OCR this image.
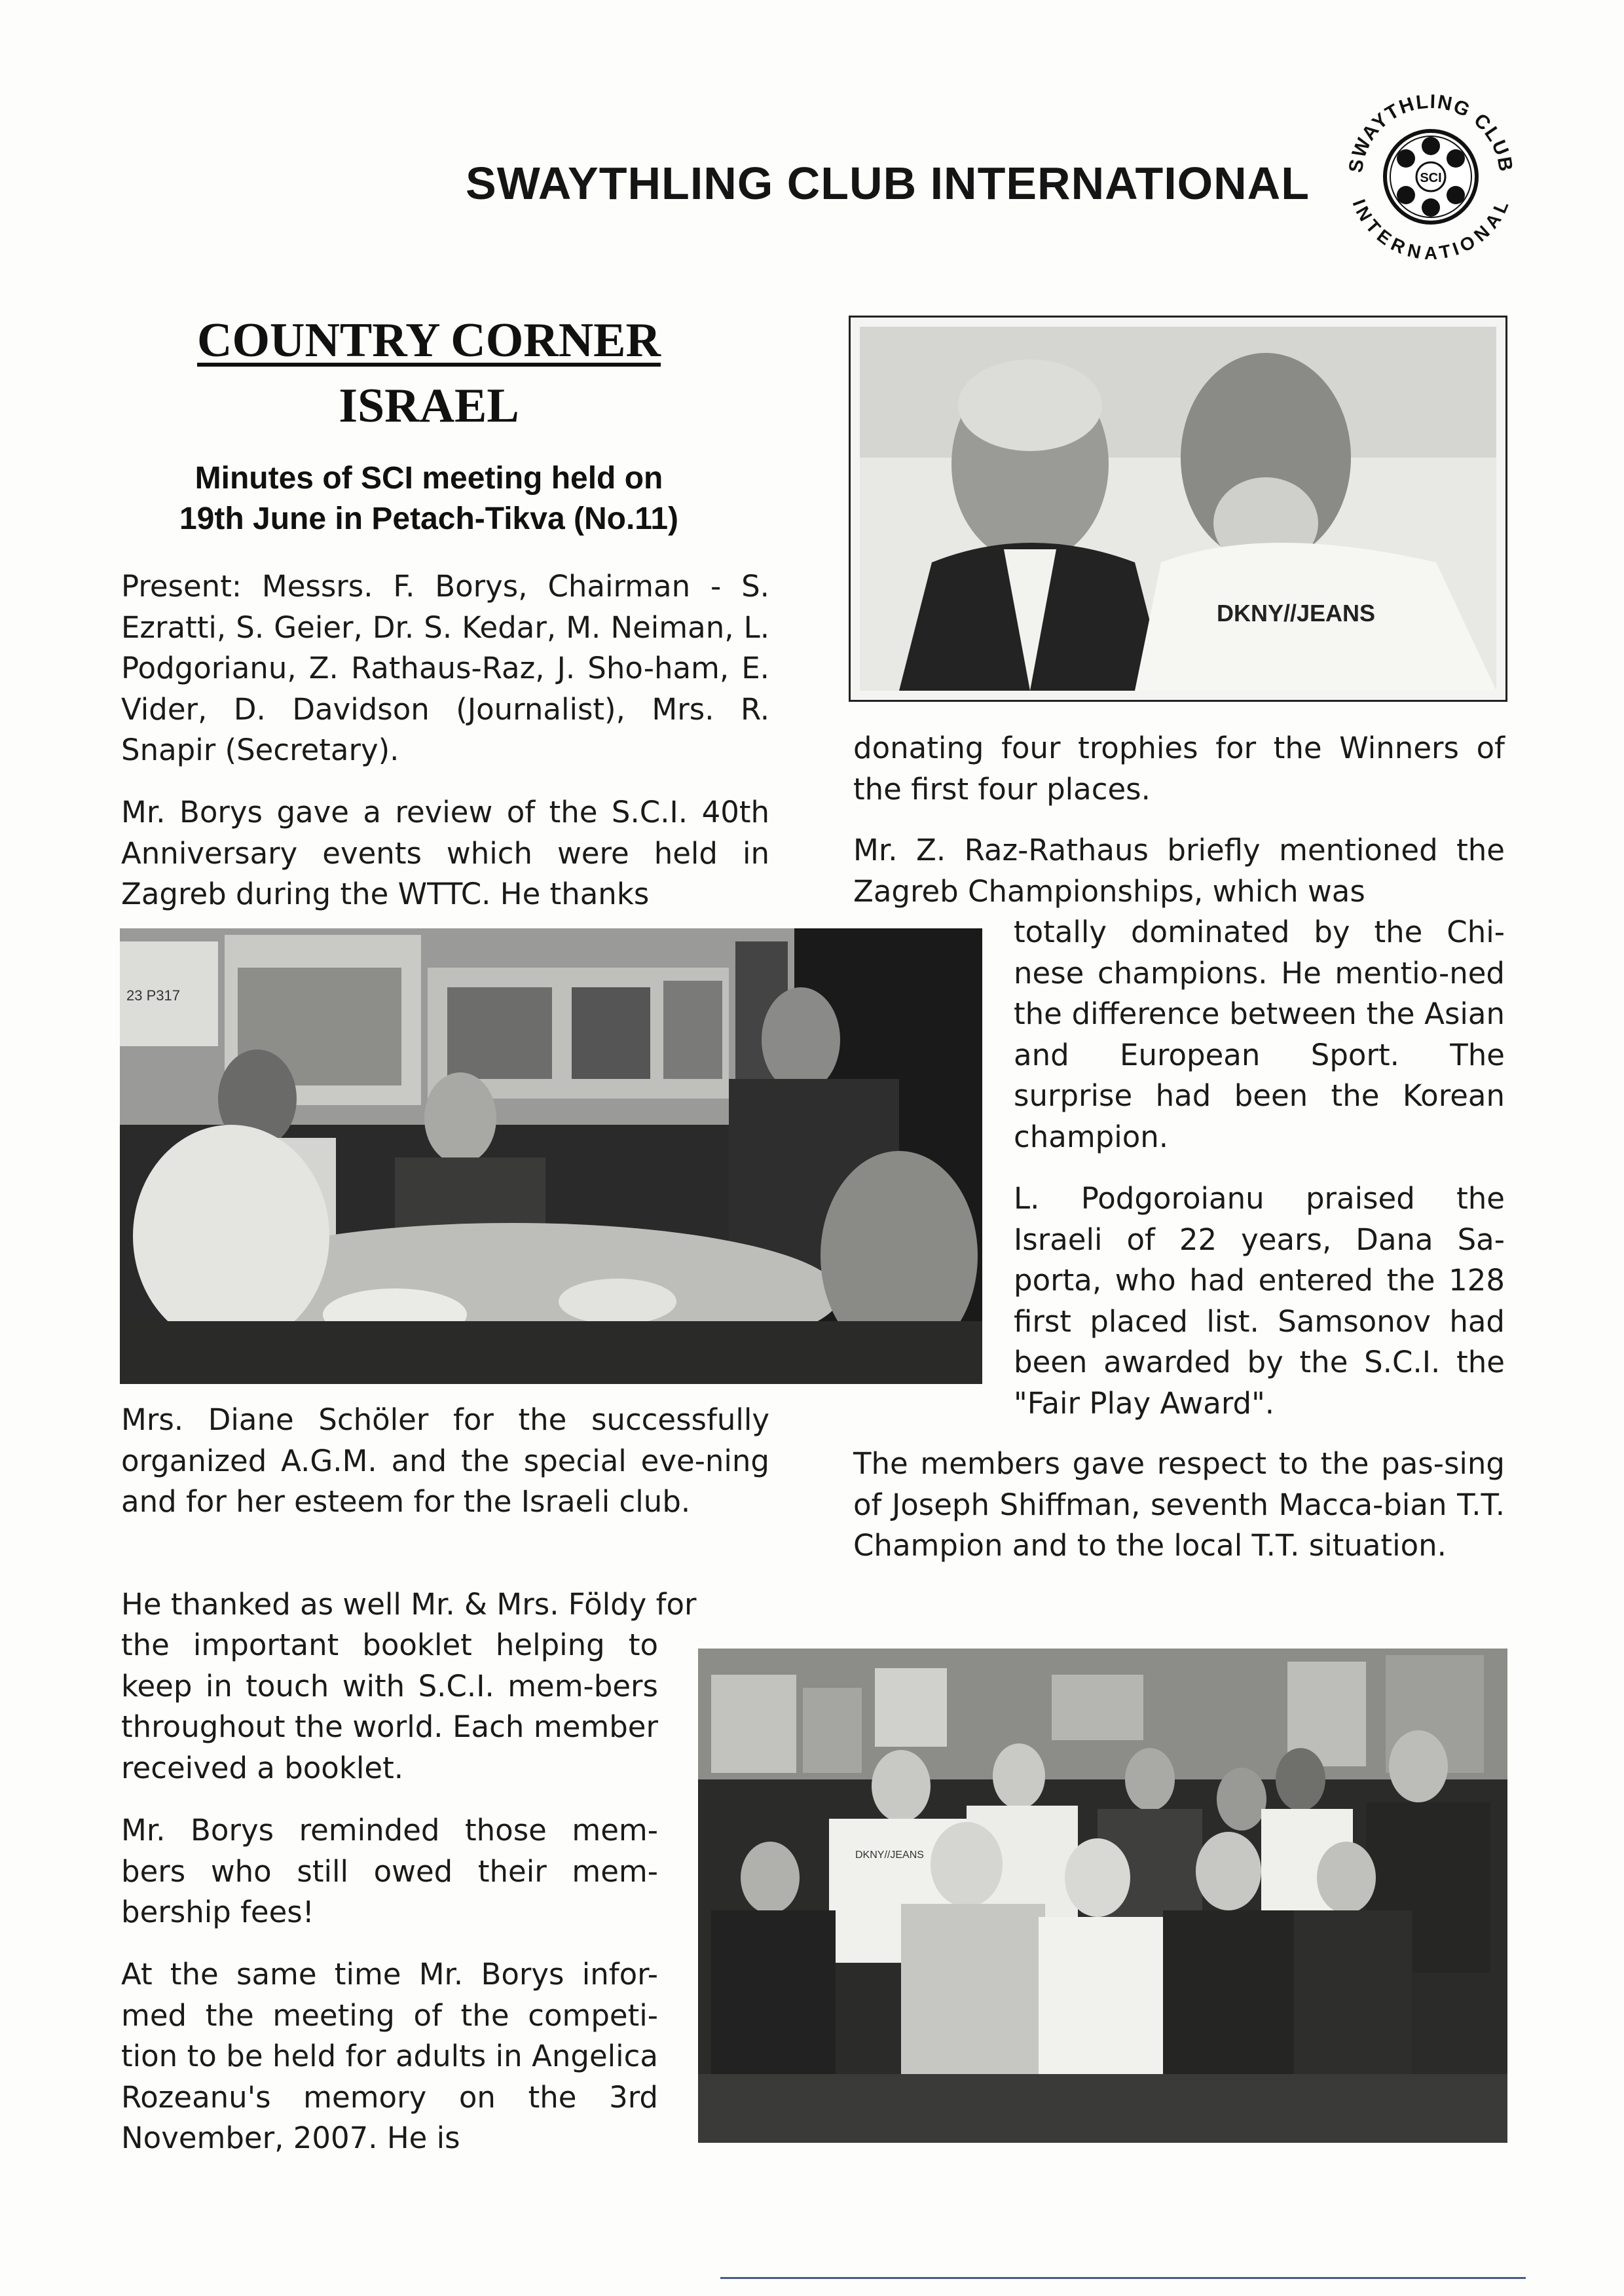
SWAYTHLING CLUB INTERNATIONAL	SCI
SWAYTHLING CLUB
INTERNATIONAL
COUNTRY CORNER
ISRAEL
Minutes of SCI meeting held on
19th June in Petach-Tikva (No.11)

Present: Messrs. F. Borys, Chairman - S. Ezratti, S. Geier, Dr. S. Kedar, M. Neiman, L. Podgorianu, Z. Rathaus-Raz, J. Sho-ham, E. Vider, D. Davidson (Journalist), Mrs. R. Snapir (Secretary).

Mr. Borys gave a review of the S.C.I. 40th Anniversary events which were held in Zagreb during the WTTC. He thanks

23 P317

Mrs. Diane Schöler for the successfully organized A.G.M. and the special eve-ning and for her esteem for the Israeli club.

He thanked as well Mr. & Mrs. Földy for

the important booklet helping to keep in touch with S.C.I. mem-bers throughout the world. Each member received a booklet.

Mr. Borys reminded those mem-bers who still owed their mem-bership fees!

At the same time Mr. Borys infor-med the meeting of the competi-tion to be held for adults in Angelica Rozeanu's memory on the 3rd November, 2007. He is

DKNY//JEANS

donating four trophies for the Winners of the first four places.

Mr. Z. Raz-Rathaus briefly mentioned the Zagreb Championships, which was

totally dominated by the Chi-nese champions. He mentio-ned the difference between the Asian and European Sport. The surprise had been the Korean champion.

L. Podgoroianu praised the Israeli of 22 years, Dana Sa-porta, who had entered the 128 first placed list. Samsonov had been awarded by the S.C.I. the "Fair Play Award".

The members gave respect to the pas-sing of Joseph Shiffman, seventh Macca-bian T.T. Champion and to the local T.T. situation.

DKNY//JEANS
